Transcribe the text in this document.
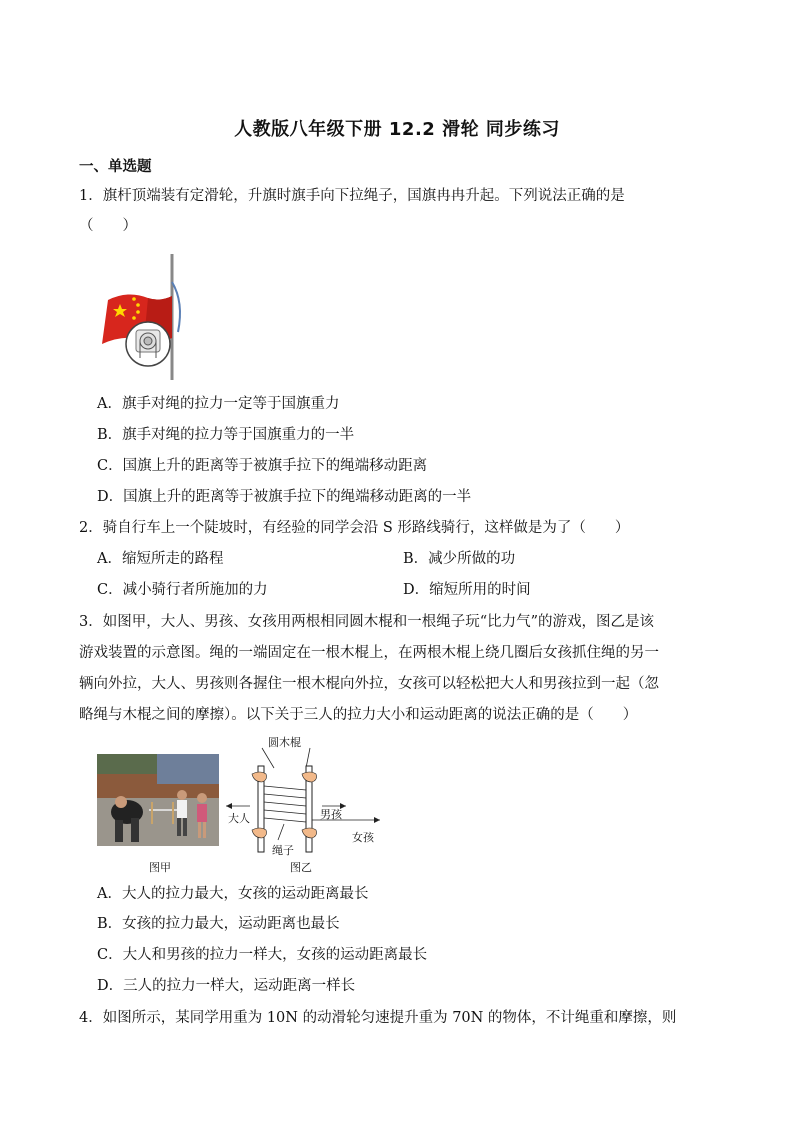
人教版八年级下册 12.2 滑轮 同步练习
一、单选题
1．旗杆顶端装有定滑轮，升旗时旗手向下拉绳子，国旗冉冉升起。下列说法正确的是
（　　）
A．旗手对绳的拉力一定等于国旗重力
B．旗手对绳的拉力等于国旗重力的一半
C．国旗上升的距离等于被旗手拉下的绳端移动距离
D．国旗上升的距离等于被旗手拉下的绳端移动距离的一半
2．骑自行车上一个陡坡时，有经验的同学会沿 S 形路线骑行，这样做是为了（　　）
A．缩短所走的路程	B．减少所做的功
C．减小骑行者所施加的力	D．缩短所用的时间
3．如图甲，大人、男孩、女孩用两根相同圆木棍和一根绳子玩“比力气”的游戏，图乙是该
游戏装置的示意图。绳的一端固定在一根木棍上，在两根木棍上绕几圈后女孩抓住绳的另一
辆向外拉，大人、男孩则各握住一根木棍向外拉，女孩可以轻松把大人和男孩拉到一起（忽
略绳与木棍之间的摩擦）。以下关于三人的拉力大小和运动距离的说法正确的是（　　）
图甲
圆木棍
大人	男孩
女孩
绳子
图乙
A．大人的拉力最大，女孩的运动距离最长
B．女孩的拉力最大，运动距离也最长
C．大人和男孩的拉力一样大，女孩的运动距离最长
D．三人的拉力一样大，运动距离一样长
4．如图所示，某同学用重为 10N 的动滑轮匀速提升重为 70N 的物体，不计绳重和摩擦，则
